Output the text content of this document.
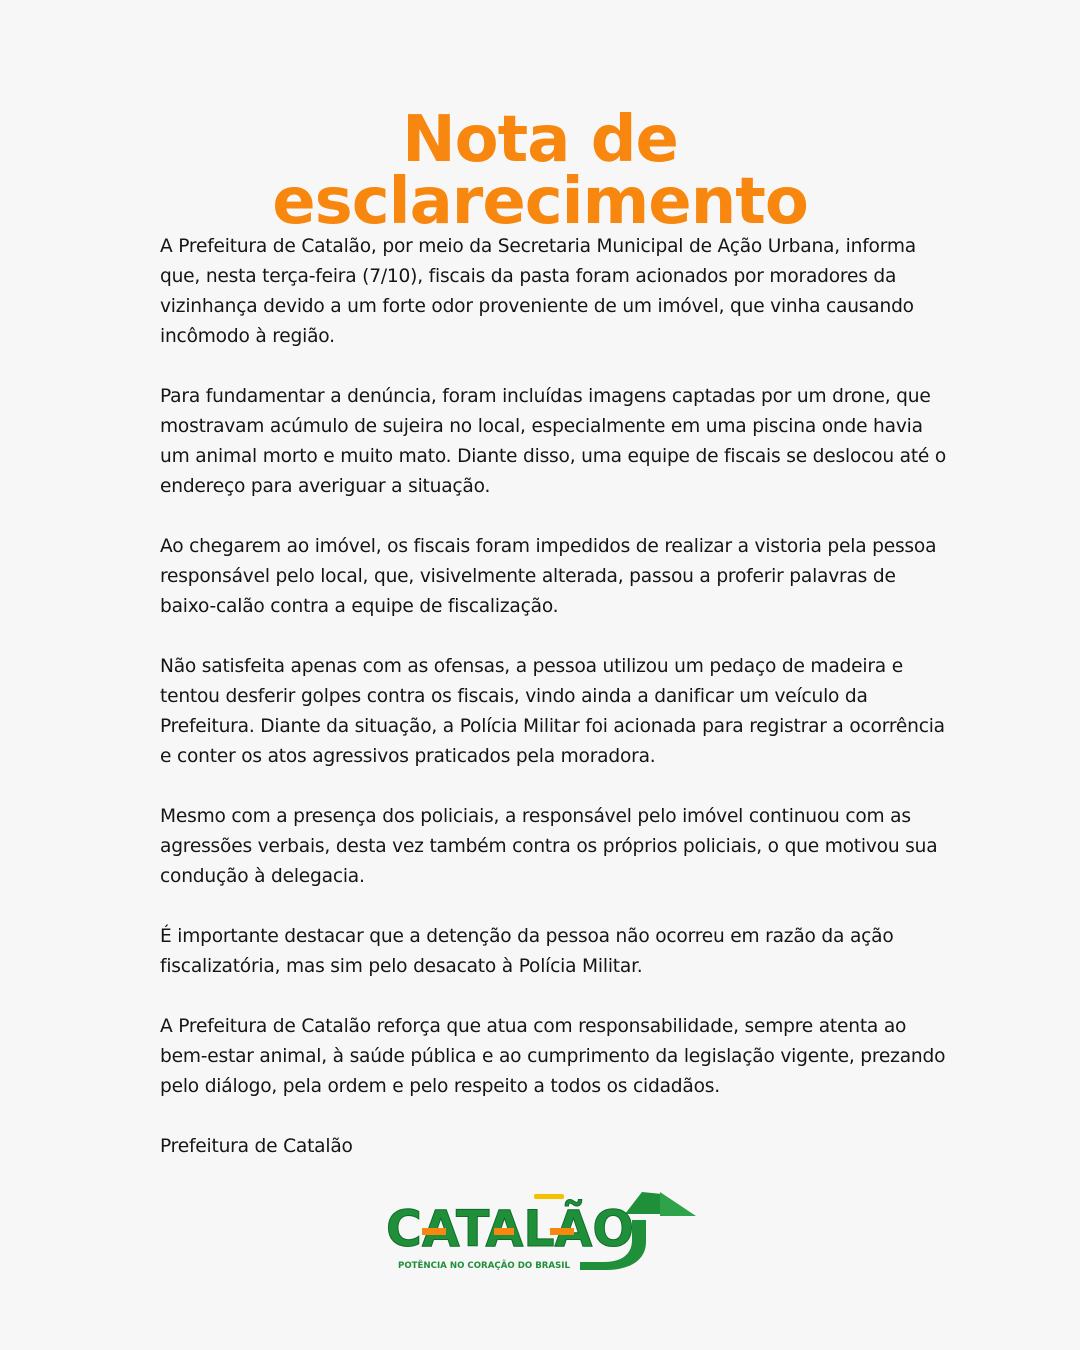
Nota de
esclarecimento

A Prefeitura de Catalão, por meio da Secretaria Municipal de Ação Urbana, informa que, nesta terça-feira (7/10), fiscais da pasta foram acionados por moradores da vizinhança devido a um forte odor proveniente de um imóvel, que vinha causando incômodo à região.

Para fundamentar a denúncia, foram incluídas imagens captadas por um drone, que mostravam acúmulo de sujeira no local, especialmente em uma piscina onde havia um animal morto e muito mato. Diante disso, uma equipe de fiscais se deslocou até o endereço para averiguar a situação.

Ao chegarem ao imóvel, os fiscais foram impedidos de realizar a vistoria pela pessoa responsável pelo local, que, visivelmente alterada, passou a proferir palavras de baixo-calão contra a equipe de fiscalização.

Não satisfeita apenas com as ofensas, a pessoa utilizou um pedaço de madeira e tentou desferir golpes contra os fiscais, vindo ainda a danificar um veículo da Prefeitura. Diante da situação, a Polícia Militar foi acionada para registrar a ocorrência e conter os atos agressivos praticados pela moradora.

Mesmo com a presença dos policiais, a responsável pelo imóvel continuou com as agressões verbais, desta vez também contra os próprios policiais, o que motivou sua condução à delegacia.

É importante destacar que a detenção da pessoa não ocorreu em razão da ação fiscalizatória, mas sim pelo desacato à Polícia Militar.

A Prefeitura de Catalão reforça que atua com responsabilidade, sempre atenta ao bem-estar animal, à saúde pública e ao cumprimento da legislação vigente, prezando pelo diálogo, pela ordem e pelo respeito a todos os cidadãos.

Prefeitura de Catalão

CATALÃO
POTÊNCIA NO CORAÇÃO DO BRASIL
